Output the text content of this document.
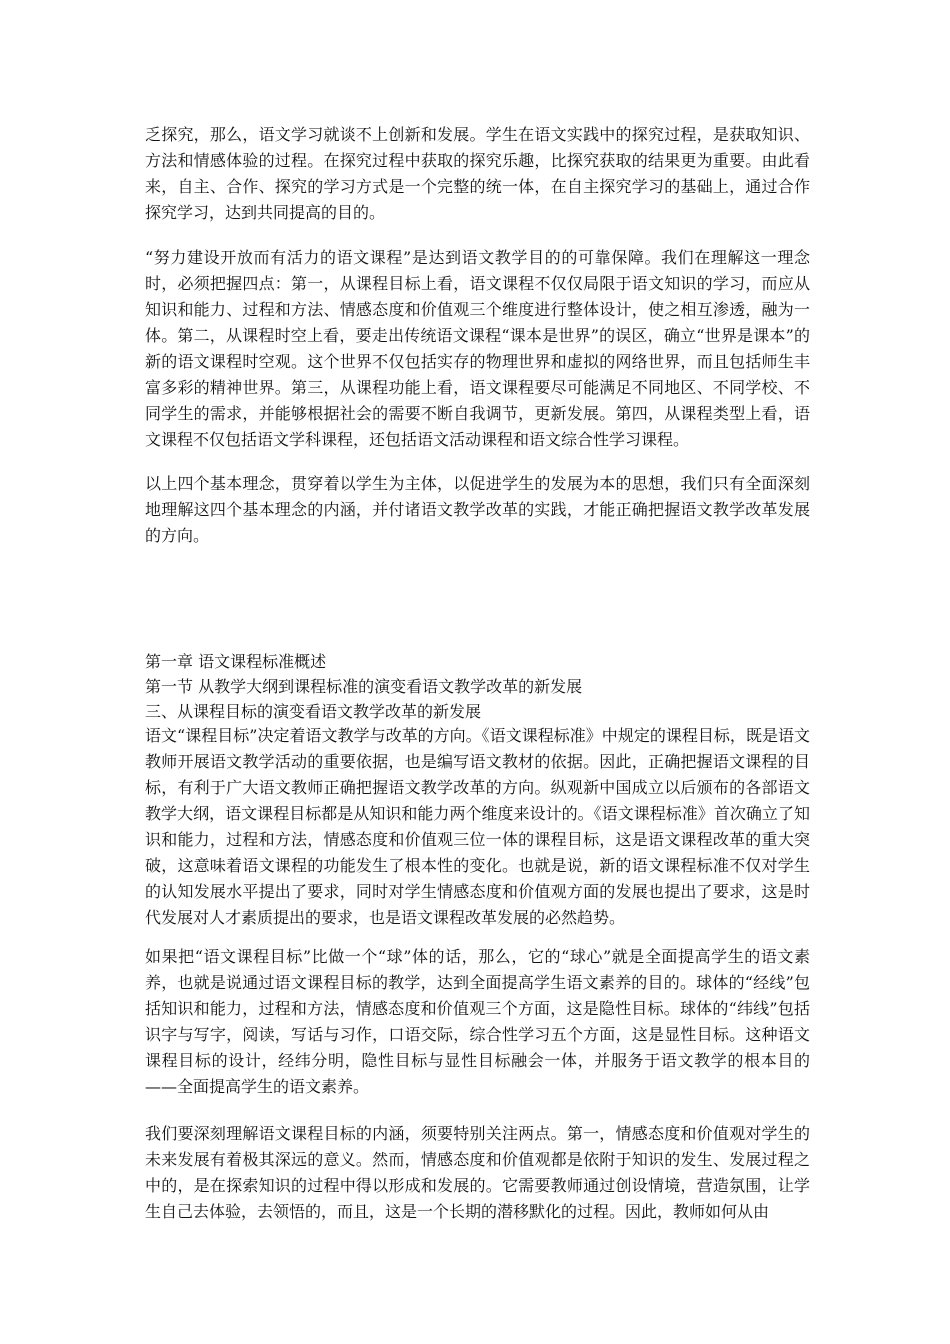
乏探究，那么，语文学习就谈不上创新和发展。学生在语文实践中的探究过程，是获取知识、方法和情感体验的过程。在探究过程中获取的探究乐趣，比探究获取的结果更为重要。由此看来，自主、合作、探究的学习方式是一个完整的统一体，在自主探究学习的基础上，通过合作探究学习，达到共同提高的目的。

“努力建设开放而有活力的语文课程”是达到语文教学目的的可靠保障。我们在理解这一理念时，必须把握四点：第一，从课程目标上看，语文课程不仅仅局限于语文知识的学习，而应从知识和能力、过程和方法、情感态度和价值观三个维度进行整体设计，使之相互渗透，融为一体。第二，从课程时空上看，要走出传统语文课程“课本是世界”的误区，确立“世界是课本”的新的语文课程时空观。这个世界不仅包括实存的物理世界和虚拟的网络世界，而且包括师生丰富多彩的精神世界。第三，从课程功能上看，语文课程要尽可能满足不同地区、不同学校、不同学生的需求，并能够根据社会的需要不断自我调节，更新发展。第四，从课程类型上看，语文课程不仅包括语文学科课程，还包括语文活动课程和语文综合性学习课程。

以上四个基本理念，贯穿着以学生为主体，以促进学生的发展为本的思想，我们只有全面深刻地理解这四个基本理念的内涵，并付诸语文教学改革的实践，才能正确把握语文教学改革发展的方向。

第一章 语文课程标准概述
第一节 从教学大纲到课程标准的演变看语文教学改革的新发展
三、从课程目标的演变看语文教学改革的新发展

语文“课程目标”决定着语文教学与改革的方向。《语文课程标准》中规定的课程目标，既是语文教师开展语文教学活动的重要依据，也是编写语文教材的依据。因此，正确把握语文课程的目标，有利于广大语文教师正确把握语文教学改革的方向。纵观新中国成立以后颁布的各部语文教学大纲，语文课程目标都是从知识和能力两个维度来设计的。《语文课程标准》首次确立了知识和能力，过程和方法，情感态度和价值观三位一体的课程目标，这是语文课程改革的重大突破，这意味着语文课程的功能发生了根本性的变化。也就是说，新的语文课程标准不仅对学生的认知发展水平提出了要求，同时对学生情感态度和价值观方面的发展也提出了要求，这是时代发展对人才素质提出的要求，也是语文课程改革发展的必然趋势。

如果把“语文课程目标”比做一个“球”体的话，那么，它的“球心”就是全面提高学生的语文素养，也就是说通过语文课程目标的教学，达到全面提高学生语文素养的目的。球体的“经线”包括知识和能力，过程和方法，情感态度和价值观三个方面，这是隐性目标。球体的“纬线”包括识字与写字，阅读，写话与习作，口语交际，综合性学习五个方面，这是显性目标。这种语文课程目标的设计，经纬分明，隐性目标与显性目标融会一体，并服务于语文教学的根本目的——全面提高学生的语文素养。

我们要深刻理解语文课程目标的内涵，须要特别关注两点。第一，情感态度和价值观对学生的未来发展有着极其深远的意义。然而，情感态度和价值观都是依附于知识的发生、发展过程之中的，是在探索知识的过程中得以形成和发展的。它需要教师通过创设情境，营造氛围，让学生自己去体验，去领悟的，而且，这是一个长期的潜移默化的过程。因此，教师如何从由
